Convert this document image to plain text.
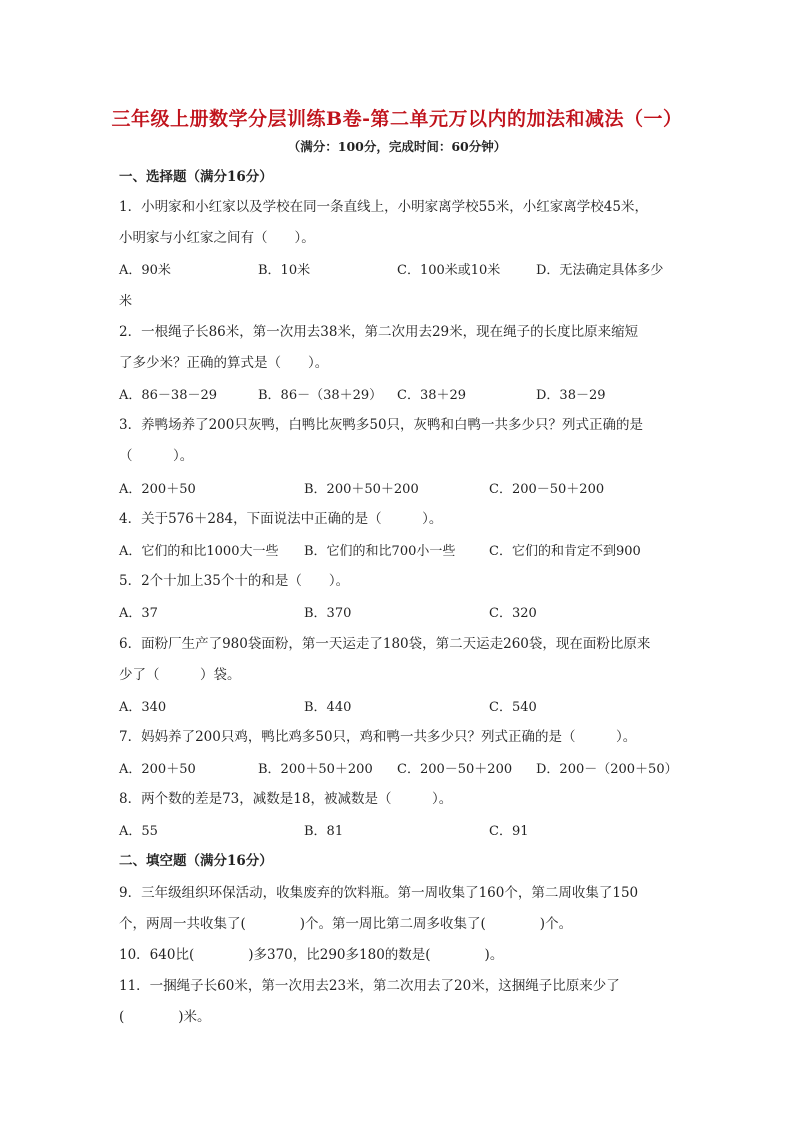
三年级上册数学分层训练B卷-第二单元万以内的加法和减法（一）
（满分：100分，完成时间：60分钟）
一、选择题（满分16分）
1．小明家和小红家以及学校在同一条直线上，小明家离学校55米，小红家离学校45米，
小明家与小红家之间有（　　）。
A．90米	B．10米	C．100米或10米	D．无法确定具体多少
米
2．一根绳子长86米，第一次用去38米，第二次用去29米，现在绳子的长度比原来缩短
了多少米？正确的算式是（　　）。
A．86－38－29	B．86－（38＋29） C．38＋29	D．38－29
3．养鸭场养了200只灰鸭，白鸭比灰鸭多50只，灰鸭和白鸭一共多少只？列式正确的是
（　　　）。
A．200＋50	B．200＋50＋200	C．200－50＋200
4．关于576＋284，下面说法中正确的是（　　　）。
A．它们的和比1000大一些 B．它们的和比700小一些	C．它们的和肯定不到900
5．2个十加上35个十的和是（　　）。
A．37	B．370	C．320
6．面粉厂生产了980袋面粉，第一天运走了180袋，第二天运走260袋，现在面粉比原来
少了（　　　）袋。
A．340	B．440	C．540
7．妈妈养了200只鸡，鸭比鸡多50只，鸡和鸭一共多少只？列式正确的是（　　　）。
A．200＋50	B．200＋50＋200 C．200－50＋200 D．200－（200＋50）
8．两个数的差是73，减数是18，被减数是（　　　）。
A．55	B．81	C．91
二、填空题（满分16分）
9．三年级组织环保活动，收集废弃的饮料瓶。第一周收集了160个，第二周收集了150
个，两周一共收集了(　　　　)个。第一周比第二周多收集了(　　　　)个。
10．640比(　　　　)多370，比290多180的数是(　　　　)。
11．一捆绳子长60米，第一次用去23米，第二次用去了20米，这捆绳子比原来少了
(　　　　)米。
